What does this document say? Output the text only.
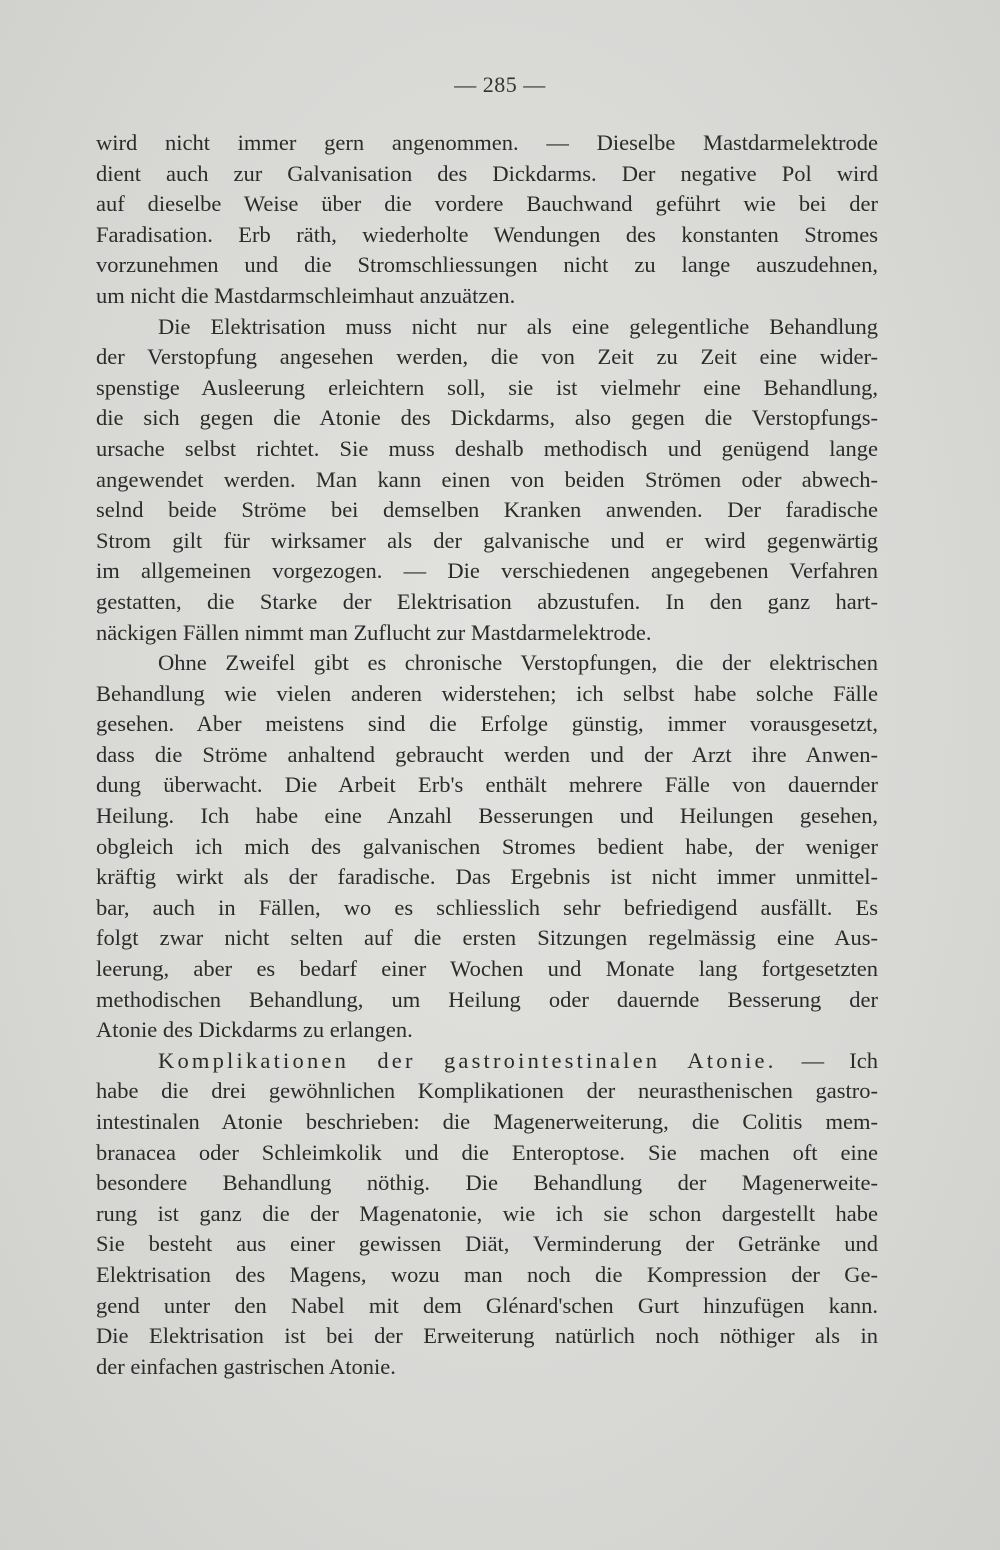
— 285 —
wird nicht immer gern angenommen. — Dieselbe Mastdarmelektrode
dient auch zur Galvanisation des Dickdarms. Der negative Pol wird
auf dieselbe Weise über die vordere Bauchwand geführt wie bei der
Faradisation. Erb räth, wiederholte Wendungen des konstanten Stromes
vorzunehmen und die Stromschliessungen nicht zu lange auszudehnen,
um nicht die Mastdarmschleimhaut anzuätzen.
Die Elektrisation muss nicht nur als eine gelegentliche Behandlung
der Verstopfung angesehen werden, die von Zeit zu Zeit eine wider-
spenstige Ausleerung erleichtern soll, sie ist vielmehr eine Behandlung,
die sich gegen die Atonie des Dickdarms, also gegen die Verstopfungs-
ursache selbst richtet. Sie muss deshalb methodisch und genügend lange
angewendet werden. Man kann einen von beiden Strömen oder abwech-
selnd beide Ströme bei demselben Kranken anwenden. Der faradische
Strom gilt für wirksamer als der galvanische und er wird gegenwärtig
im allgemeinen vorgezogen. — Die verschiedenen angegebenen Verfahren
gestatten, die Starke der Elektrisation abzustufen. In den ganz hart-
näckigen Fällen nimmt man Zuflucht zur Mastdarmelektrode.
Ohne Zweifel gibt es chronische Verstopfungen, die der elektrischen
Behandlung wie vielen anderen widerstehen; ich selbst habe solche Fälle
gesehen. Aber meistens sind die Erfolge günstig, immer vorausgesetzt,
dass die Ströme anhaltend gebraucht werden und der Arzt ihre Anwen-
dung überwacht. Die Arbeit Erb's enthält mehrere Fälle von dauernder
Heilung. Ich habe eine Anzahl Besserungen und Heilungen gesehen,
obgleich ich mich des galvanischen Stromes bedient habe, der weniger
kräftig wirkt als der faradische. Das Ergebnis ist nicht immer unmittel-
bar, auch in Fällen, wo es schliesslich sehr befriedigend ausfällt. Es
folgt zwar nicht selten auf die ersten Sitzungen regelmässig eine Aus-
leerung, aber es bedarf einer Wochen und Monate lang fortgesetzten
methodischen Behandlung, um Heilung oder dauernde Besserung der
Atonie des Dickdarms zu erlangen.
Komplikationen der gastrointestinalen Atonie. — Ich
habe die drei gewöhnlichen Komplikationen der neurasthenischen gastro-
intestinalen Atonie beschrieben: die Magenerweiterung, die Colitis mem-
branacea oder Schleimkolik und die Enteroptose. Sie machen oft eine
besondere Behandlung nöthig. Die Behandlung der Magenerweite-
rung ist ganz die der Magenatonie, wie ich sie schon dargestellt habe
Sie besteht aus einer gewissen Diät, Verminderung der Getränke und
Elektrisation des Magens, wozu man noch die Kompression der Ge-
gend unter den Nabel mit dem Glénard'schen Gurt hinzufügen kann.
Die Elektrisation ist bei der Erweiterung natürlich noch nöthiger als in
der einfachen gastrischen Atonie.
